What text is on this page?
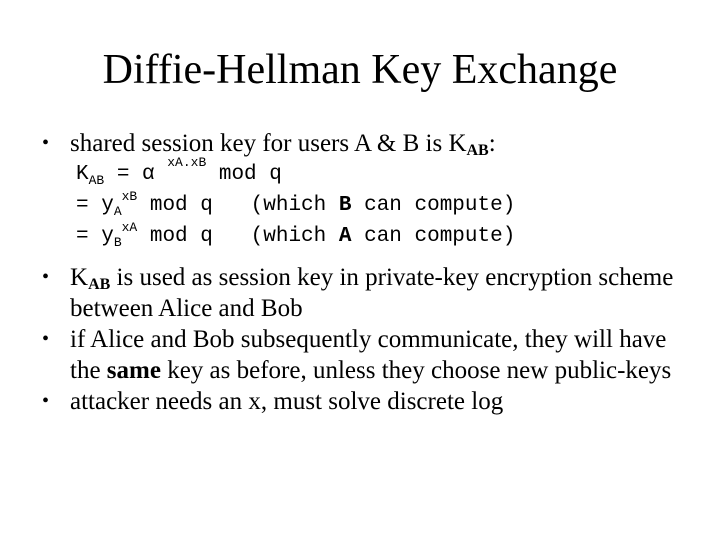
Diffie-Hellman Key Exchange
• shared session key for users A & B is $K_{AB}$:
$K_{AB} = \alpha$ $^{xA.xB}$ mod q
= $y_A^{xB}$ mod q   (which B can compute)
= $y_B^{xA}$ mod q   (which A can compute)
• $K_{AB}$ is used as session key in private-key encryption scheme between Alice and Bob
• if Alice and Bob subsequently communicate, they will have the same key as before, unless they choose new public-keys
• attacker needs an x, must solve discrete log
